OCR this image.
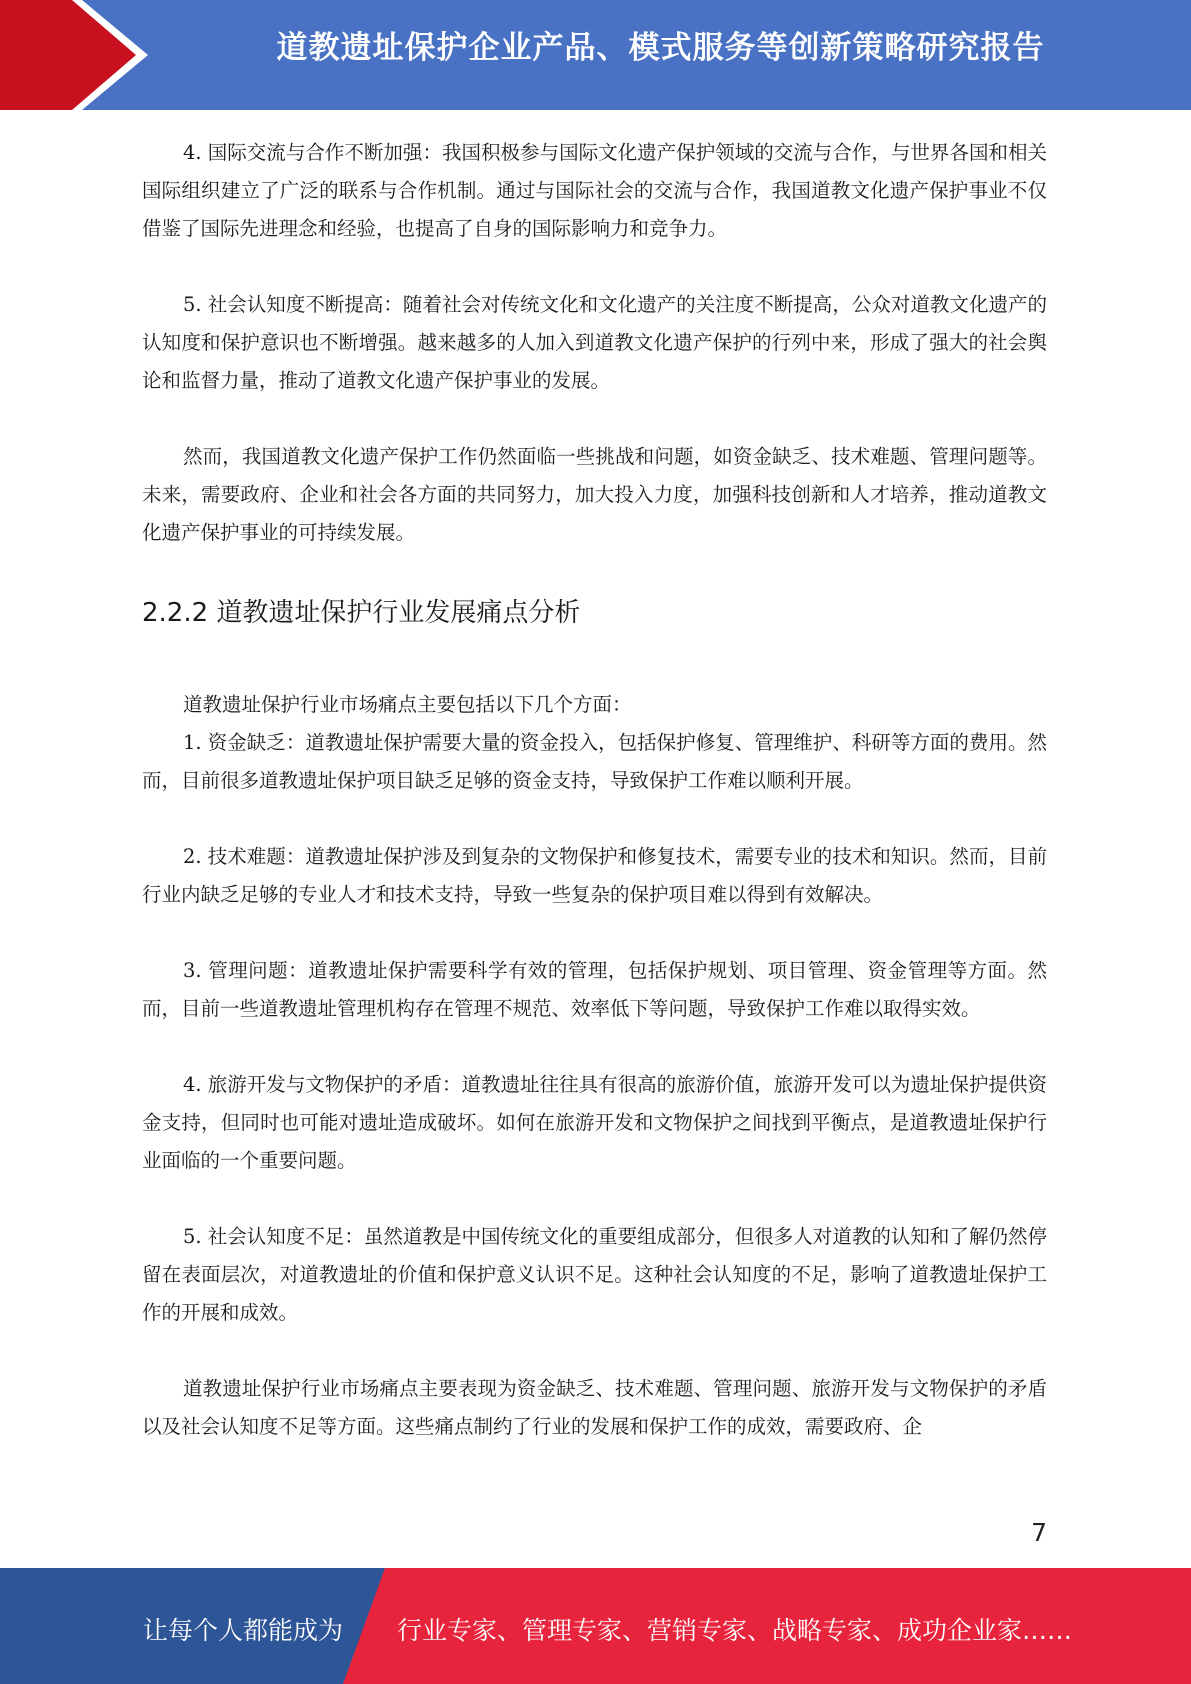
道教遗址保护企业产品、模式服务等创新策略研究报告

4. 国际交流与合作不断加强：我国积极参与国际文化遗产保护领域的交流与合作，与世界各国和相关国际组织建立了广泛的联系与合作机制。通过与国际社会的交流与合作，我国道教文化遗产保护事业不仅借鉴了国际先进理念和经验，也提高了自身的国际影响力和竞争力。

5. 社会认知度不断提高：随着社会对传统文化和文化遗产的关注度不断提高，公众对道教文化遗产的认知度和保护意识也不断增强。越来越多的人加入到道教文化遗产保护的行列中来，形成了强大的社会舆论和监督力量，推动了道教文化遗产保护事业的发展。

然而，我国道教文化遗产保护工作仍然面临一些挑战和问题，如资金缺乏、技术难题、管理问题等。未来，需要政府、企业和社会各方面的共同努力，加大投入力度，加强科技创新和人才培养，推动道教文化遗产保护事业的可持续发展。

2.2.2 道教遗址保护行业发展痛点分析

道教遗址保护行业市场痛点主要包括以下几个方面：

1. 资金缺乏：道教遗址保护需要大量的资金投入，包括保护修复、管理维护、科研等方面的费用。然而，目前很多道教遗址保护项目缺乏足够的资金支持，导致保护工作难以顺利开展。

2. 技术难题：道教遗址保护涉及到复杂的文物保护和修复技术，需要专业的技术和知识。然而，目前行业内缺乏足够的专业人才和技术支持，导致一些复杂的保护项目难以得到有效解决。

3. 管理问题：道教遗址保护需要科学有效的管理，包括保护规划、项目管理、资金管理等方面。然而，目前一些道教遗址管理机构存在管理不规范、效率低下等问题，导致保护工作难以取得实效。

4. 旅游开发与文物保护的矛盾：道教遗址往往具有很高的旅游价值，旅游开发可以为遗址保护提供资金支持，但同时也可能对遗址造成破坏。如何在旅游开发和文物保护之间找到平衡点，是道教遗址保护行业面临的一个重要问题。

5. 社会认知度不足：虽然道教是中国传统文化的重要组成部分，但很多人对道教的认知和了解仍然停留在表面层次，对道教遗址的价值和保护意义认识不足。这种社会认知度的不足，影响了道教遗址保护工作的开展和成效。

道教遗址保护行业市场痛点主要表现为资金缺乏、技术难题、管理问题、旅游开发与文物保护的矛盾以及社会认知度不足等方面。这些痛点制约了行业的发展和保护工作的成效，需要政府、企

7
让每个人都能成为 行业专家、管理专家、营销专家、战略专家、成功企业家……
